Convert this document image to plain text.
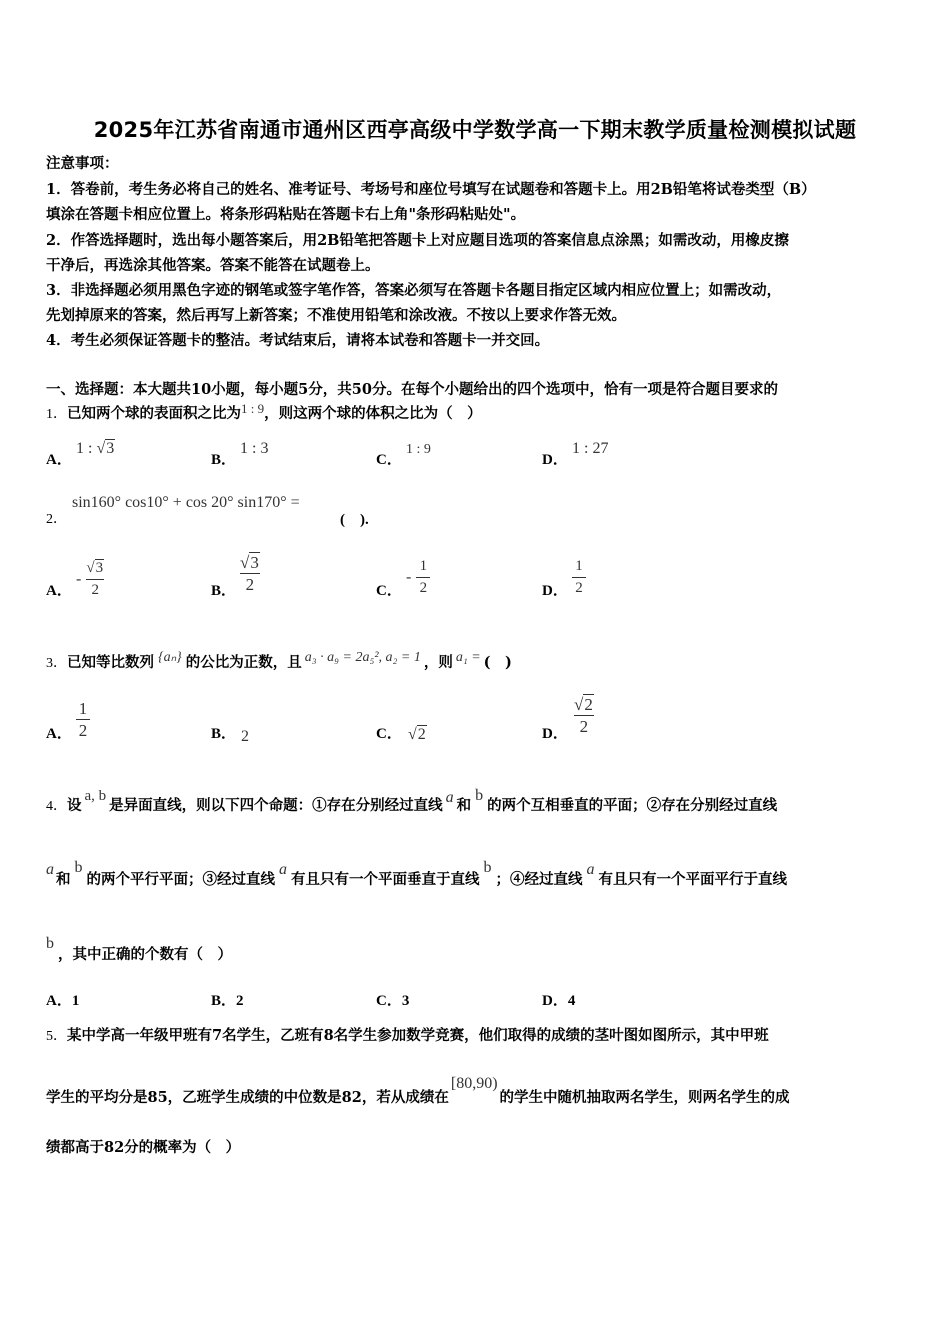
2025年江苏省南通市通州区西亭高级中学数学高一下期末教学质量检测模拟试题
注意事项：
1．答卷前，考生务必将自己的姓名、准考证号、考场号和座位号填写在试题卷和答题卡上。用2B铅笔将试卷类型（B）
填涂在答题卡相应位置上。将条形码粘贴在答题卡右上角"条形码粘贴处"。
2．作答选择题时，选出每小题答案后，用2B铅笔把答题卡上对应题目选项的答案信息点涂黑；如需改动，用橡皮擦
干净后，再选涂其他答案。答案不能答在试题卷上。
3．非选择题必须用黑色字迹的钢笔或签字笔作答，答案必须写在答题卡各题目指定区域内相应位置上；如需改动，
先划掉原来的答案，然后再写上新答案；不准使用铅笔和涂改液。不按以上要求作答无效。
4．考生必须保证答题卡的整洁。考试结束后，请将本试卷和答题卡一并交回。
一、选择题：本大题共10小题，每小题5分，共50分。在每个小题给出的四个选项中，恰有一项是符合题目要求的
1．已知两个球的表面积之比为1 : 9，则这两个球的体积之比为（　）
A．
1 : √3
B．
1 : 3
C．
1 : 9
D．
1 : 27
2．
sin160° cos10° + cos 20° sin170° =
(　).
A．
- $\frac{√3}{2}$	B． $\frac{√3}{2}$	C．
- $\frac{1}{2}$	D． $\frac{1}{2}$
3．已知等比数列 {aₙ} 的公比为正数，且 a₃ · a₉ = 2a₅², a₂ = 1 ，则 a₁ = (　)
A． $\frac{1}{2}$	B． 2	C． √2	D． $\frac{√2}{2}$
4．设a, b是异面直线，则以下四个命题：①存在分别经过直线 a 和b的两个互相垂直的平面；②存在分别经过直线
a和b的两个平行平面；③经过直线a有且只有一个平面垂直于直线b；④经过直线a有且只有一个平面平行于直线
b，其中正确的个数有（　）
A．1	B．2	C．3	D．4
5．某中学高一年级甲班有7名学生，乙班有8名学生参加数学竞赛，他们取得的成绩的茎叶图如图所示，其中甲班
学生的平均分是85，乙班学生成绩的中位数是82，若从成绩在[80,90)的学生中随机抽取两名学生，则两名学生的成
绩都高于82分的概率为（　）
